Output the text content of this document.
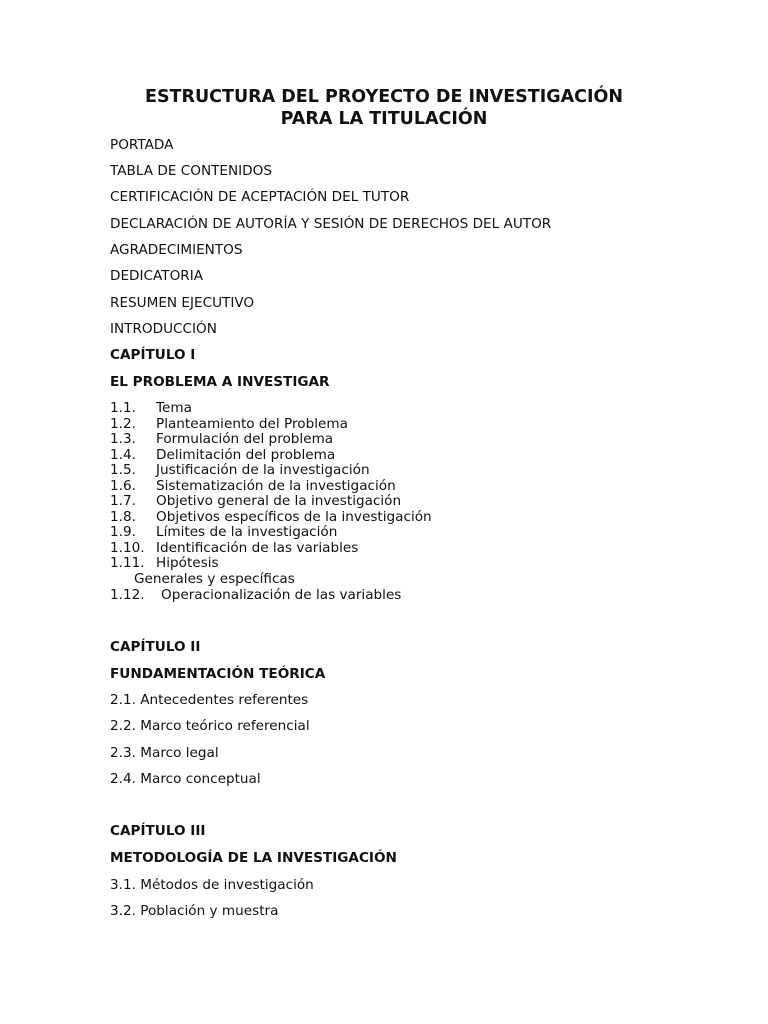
ESTRUCTURA DEL PROYECTO DE INVESTIGACIÓN
PARA LA TITULACIÓN

PORTADA

TABLA DE CONTENIDOS

CERTIFICACIÓN DE ACEPTACIÓN DEL TUTOR

DECLARACIÓN DE AUTORÍA Y SESIÓN DE DERECHOS DEL AUTOR

AGRADECIMIENTOS

DEDICATORIA

RESUMEN EJECUTIVO

INTRODUCCIÓN

CAPÍTULO I

EL PROBLEMA A INVESTIGAR

1.1. Tema

1.2. Planteamiento del Problema

1.3. Formulación del problema

1.4. Delimitación del problema

1.5. Justificación de la investigación

1.6. Sistematización de la investigación

1.7. Objetivo general de la investigación

1.8. Objetivos específicos de la investigación

1.9. Límites de la investigación

1.10. Identificación de las variables

1.11. Hipótesis

Generales y específicas

1.12. Operacionalización de las variables

CAPÍTULO II

FUNDAMENTACIÓN TEÓRICA

2.1. Antecedentes referentes

2.2. Marco teórico referencial

2.3. Marco legal

2.4. Marco conceptual

CAPÍTULO III

METODOLOGÍA DE LA INVESTIGACIÓN

3.1. Métodos de investigación

3.2. Población y muestra
